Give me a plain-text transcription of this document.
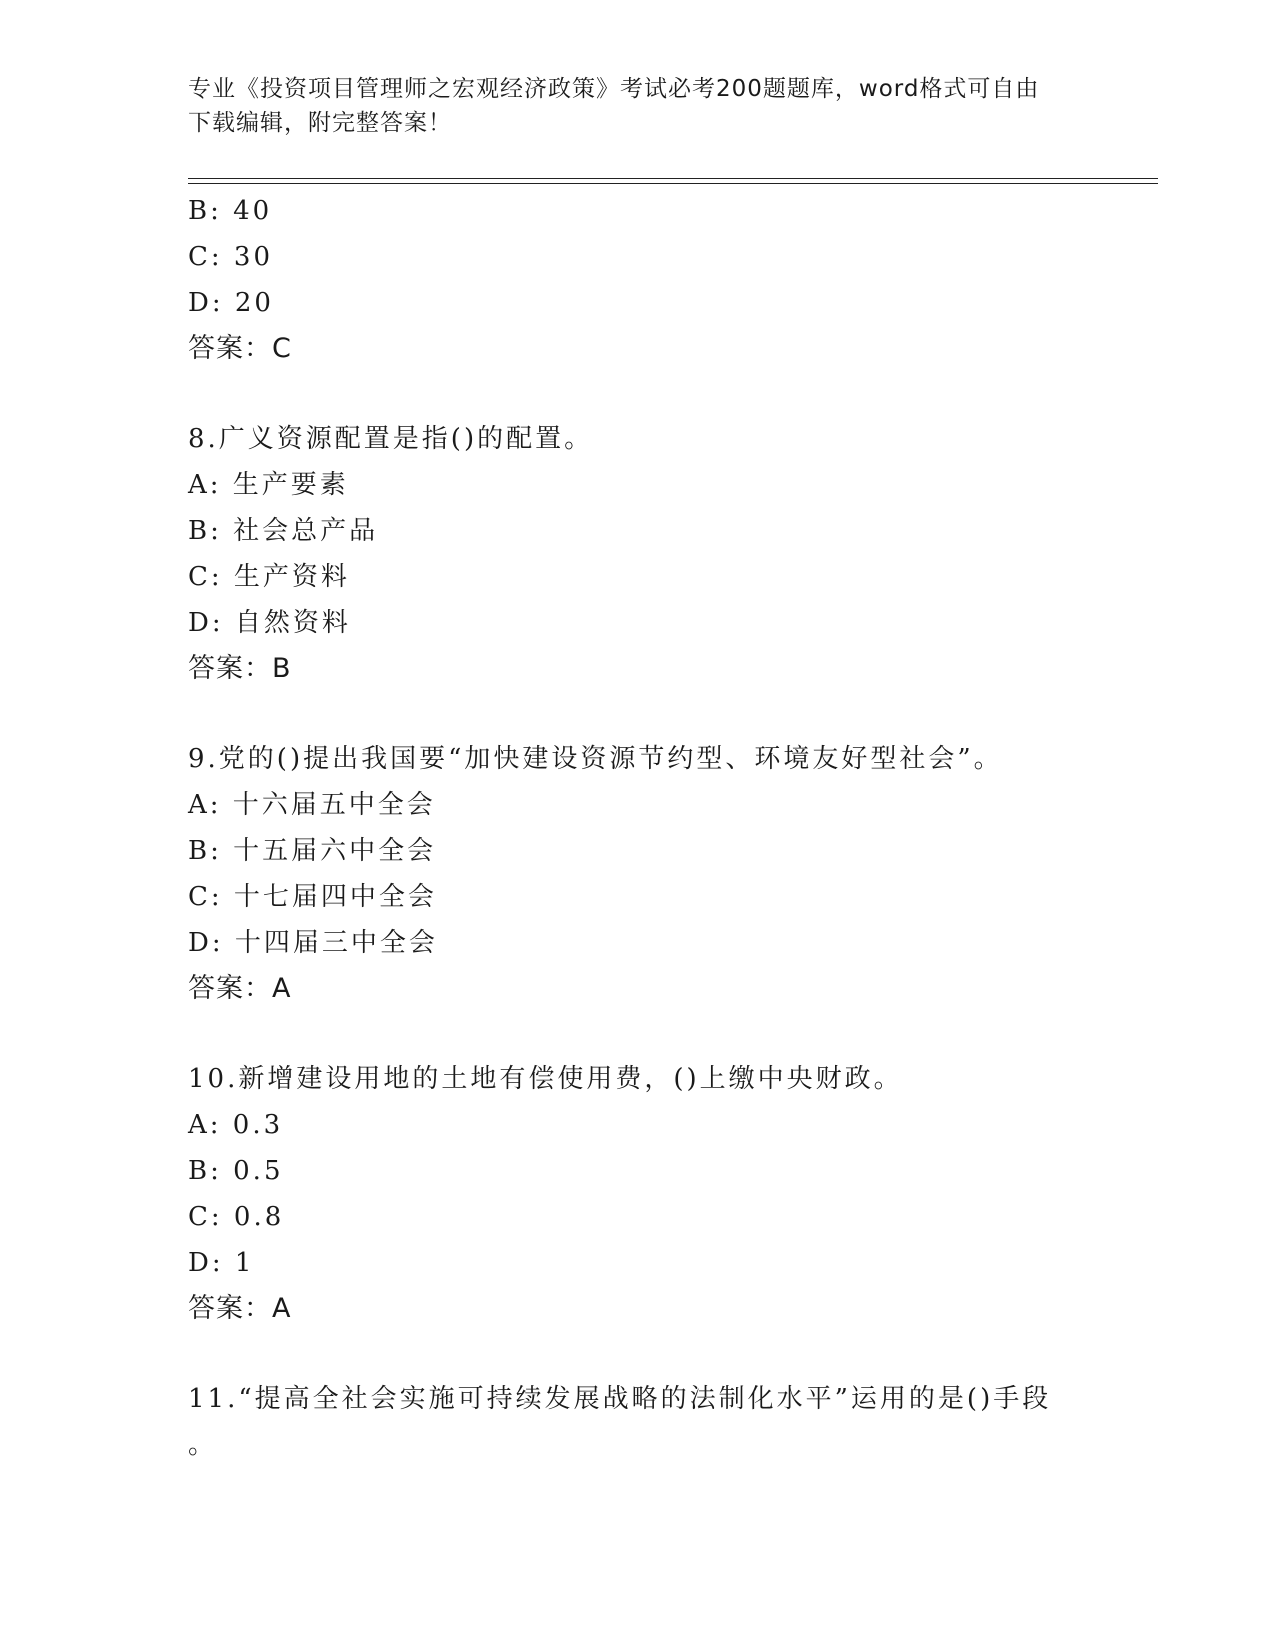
专业《投资项目管理师之宏观经济政策》考试必考200题题库，word格式可自由
下载编辑，附完整答案！
B: 40
C: 30
D: 20
答案：C
8.广义资源配置是指()的配置。
A: 生产要素
B: 社会总产品
C: 生产资料
D: 自然资料
答案：B
9.党的()提出我国要“加快建设资源节约型、环境友好型社会”。
A: 十六届五中全会
B: 十五届六中全会
C: 十七届四中全会
D: 十四届三中全会
答案：A
10.新增建设用地的土地有偿使用费，()上缴中央财政。
A: 0.3
B: 0.5
C: 0.8
D: 1
答案：A
11.“提高全社会实施可持续发展战略的法制化水平”运用的是()手段
。
